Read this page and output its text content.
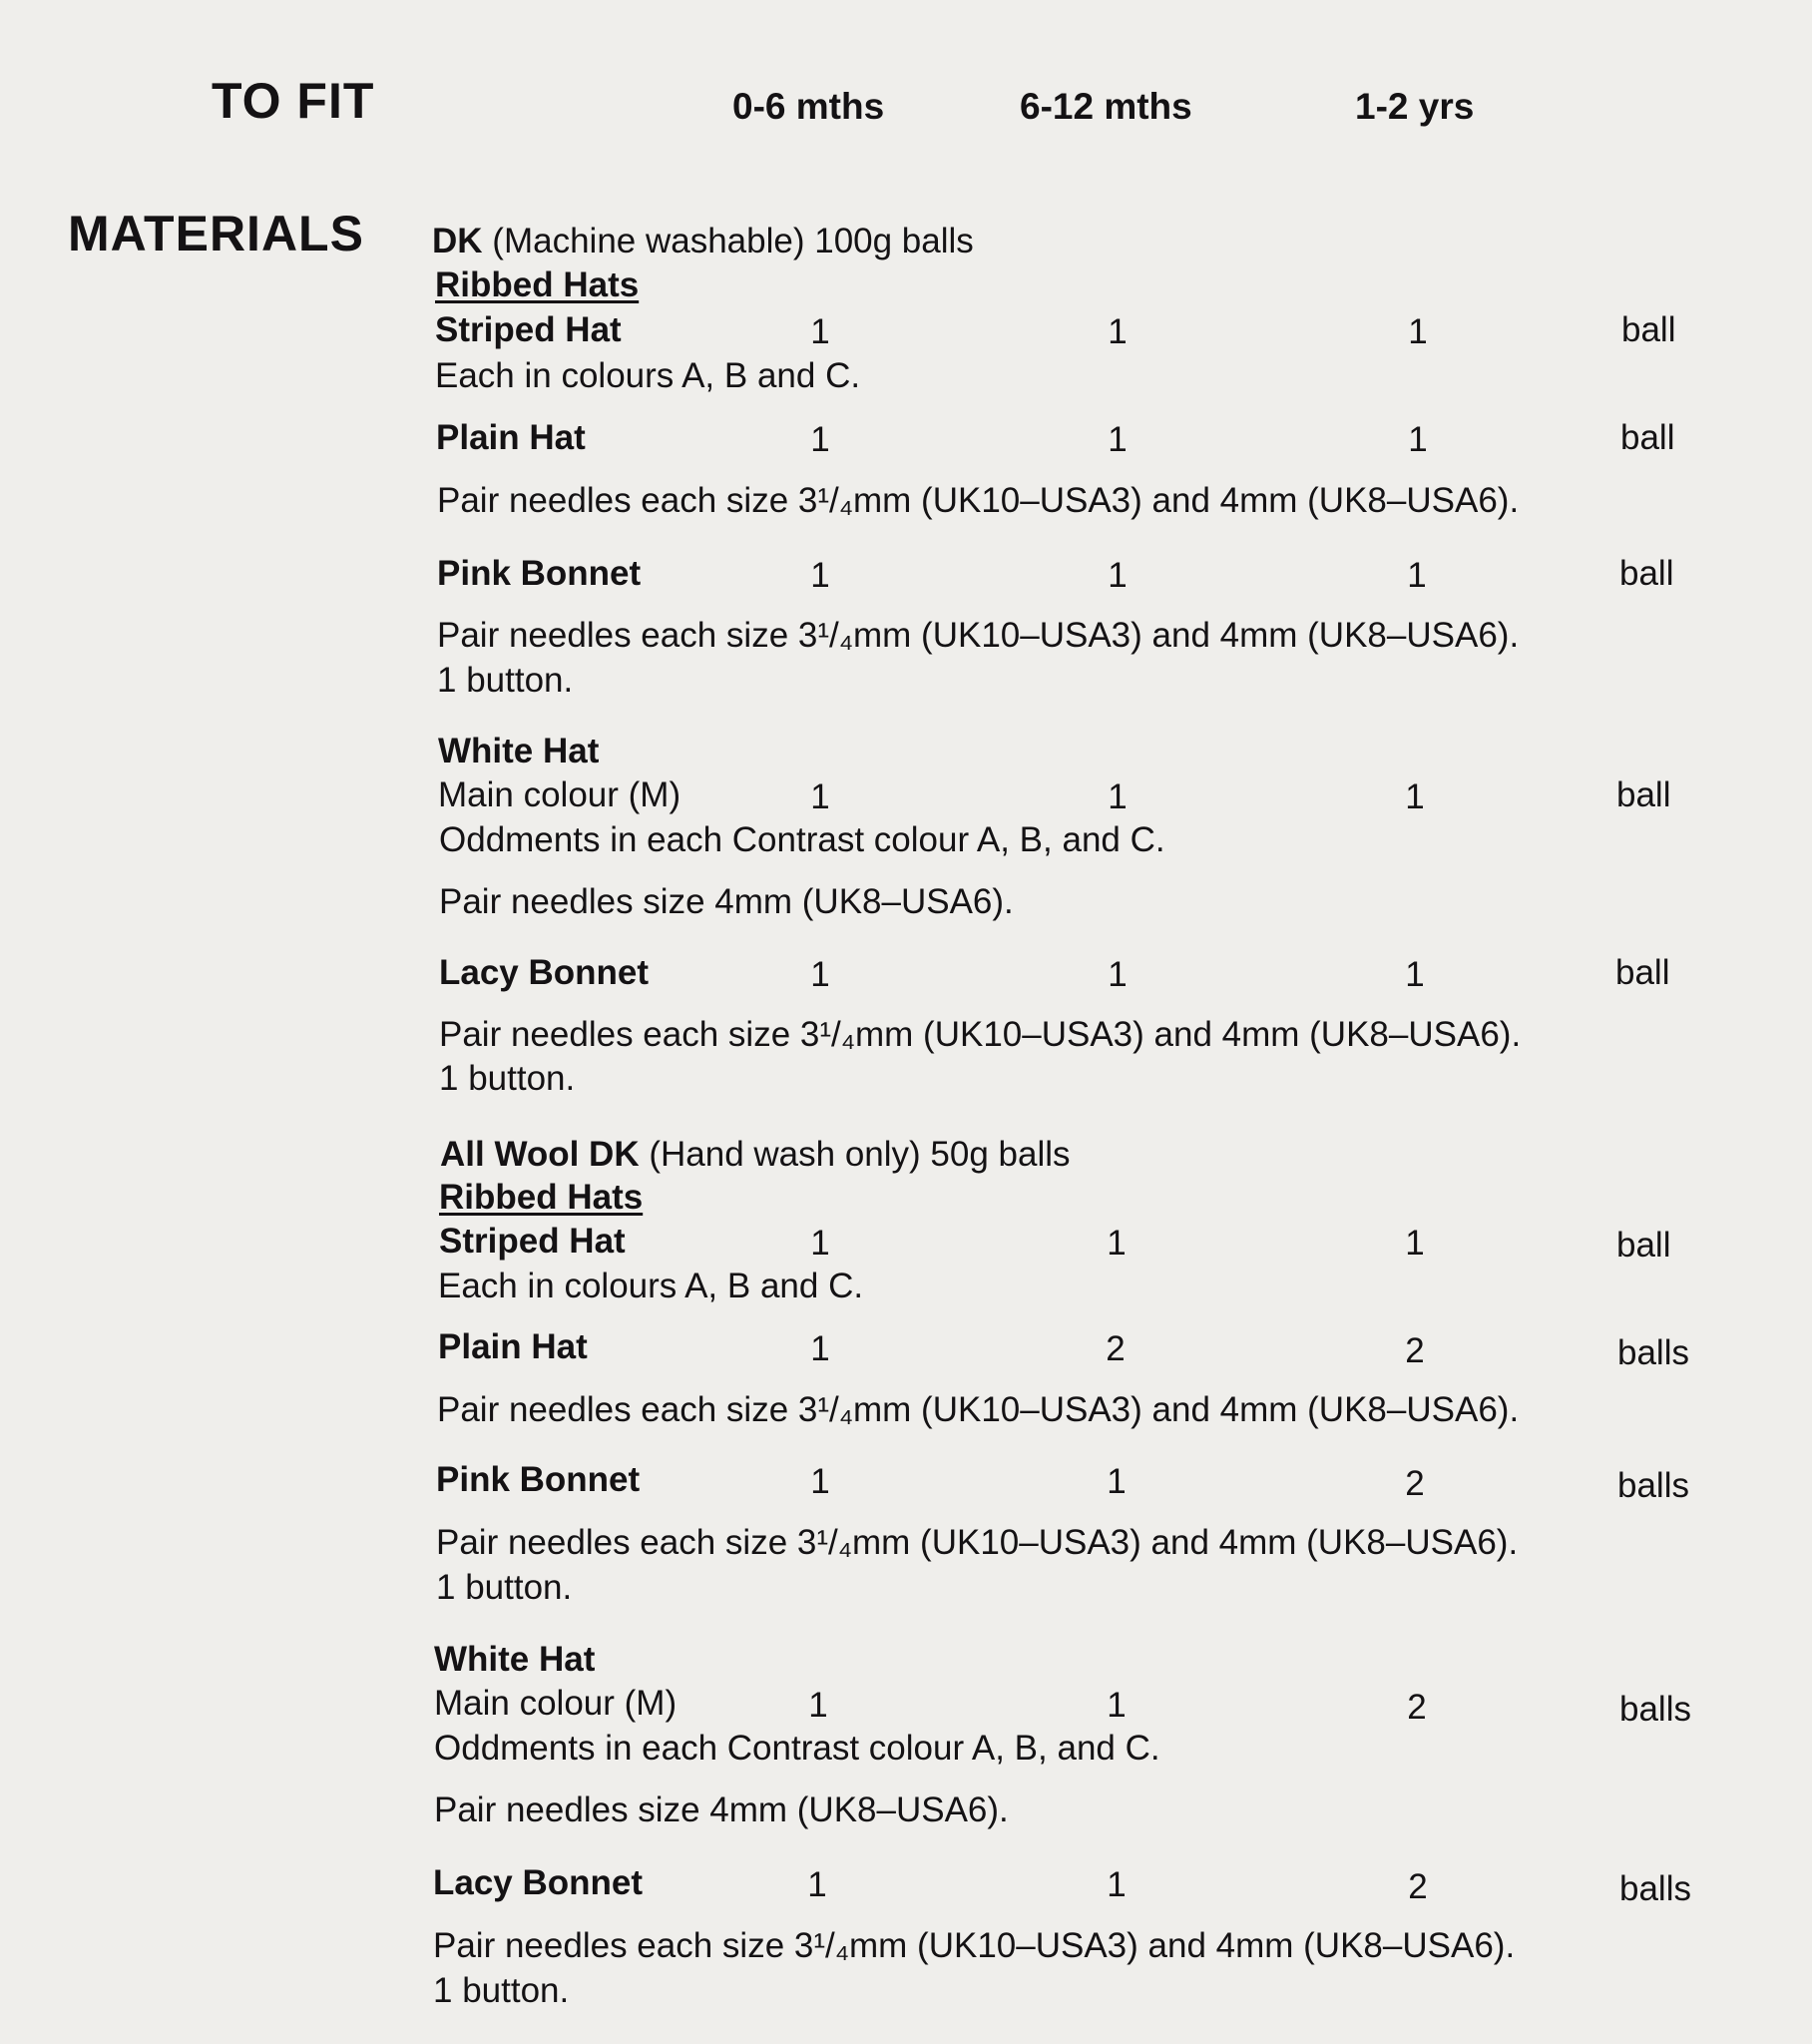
TO FIT
MATERIALS
0-6 mths	6-12 mths	1-2 yrs
DK (Machine washable) 100g balls
Ribbed Hats
Striped Hat	1	1	1	ball
Each in colours A, B and C.
Plain Hat	1	1	1	ball
Pair needles each size 3¹/₄mm (UK10–USA3) and 4mm (UK8–USA6).
Pink Bonnet	1	1	1	ball
Pair needles each size 3¹/₄mm (UK10–USA3) and 4mm (UK8–USA6).
1 button.
White Hat
Main colour (M)	1	1	1	ball
Oddments in each Contrast colour A, B, and C.
Pair needles size 4mm (UK8–USA6).
Lacy Bonnet	1	1	1	ball
Pair needles each size 3¹/₄mm (UK10–USA3) and 4mm (UK8–USA6).
1 button.
All Wool DK (Hand wash only) 50g balls
Ribbed Hats
Striped Hat	1	1	1	ball
Each in colours A, B and C.
Plain Hat	1	2	2	balls
Pair needles each size 3¹/₄mm (UK10–USA3) and 4mm (UK8–USA6).
Pink Bonnet	1	1	2	balls
Pair needles each size 3¹/₄mm (UK10–USA3) and 4mm (UK8–USA6).
1 button.
White Hat
Main colour (M)	1	1	2	balls
Oddments in each Contrast colour A, B, and C.
Pair needles size 4mm (UK8–USA6).
Lacy Bonnet	1	1	2	balls
Pair needles each size 3¹/₄mm (UK10–USA3) and 4mm (UK8–USA6).
1 button.
